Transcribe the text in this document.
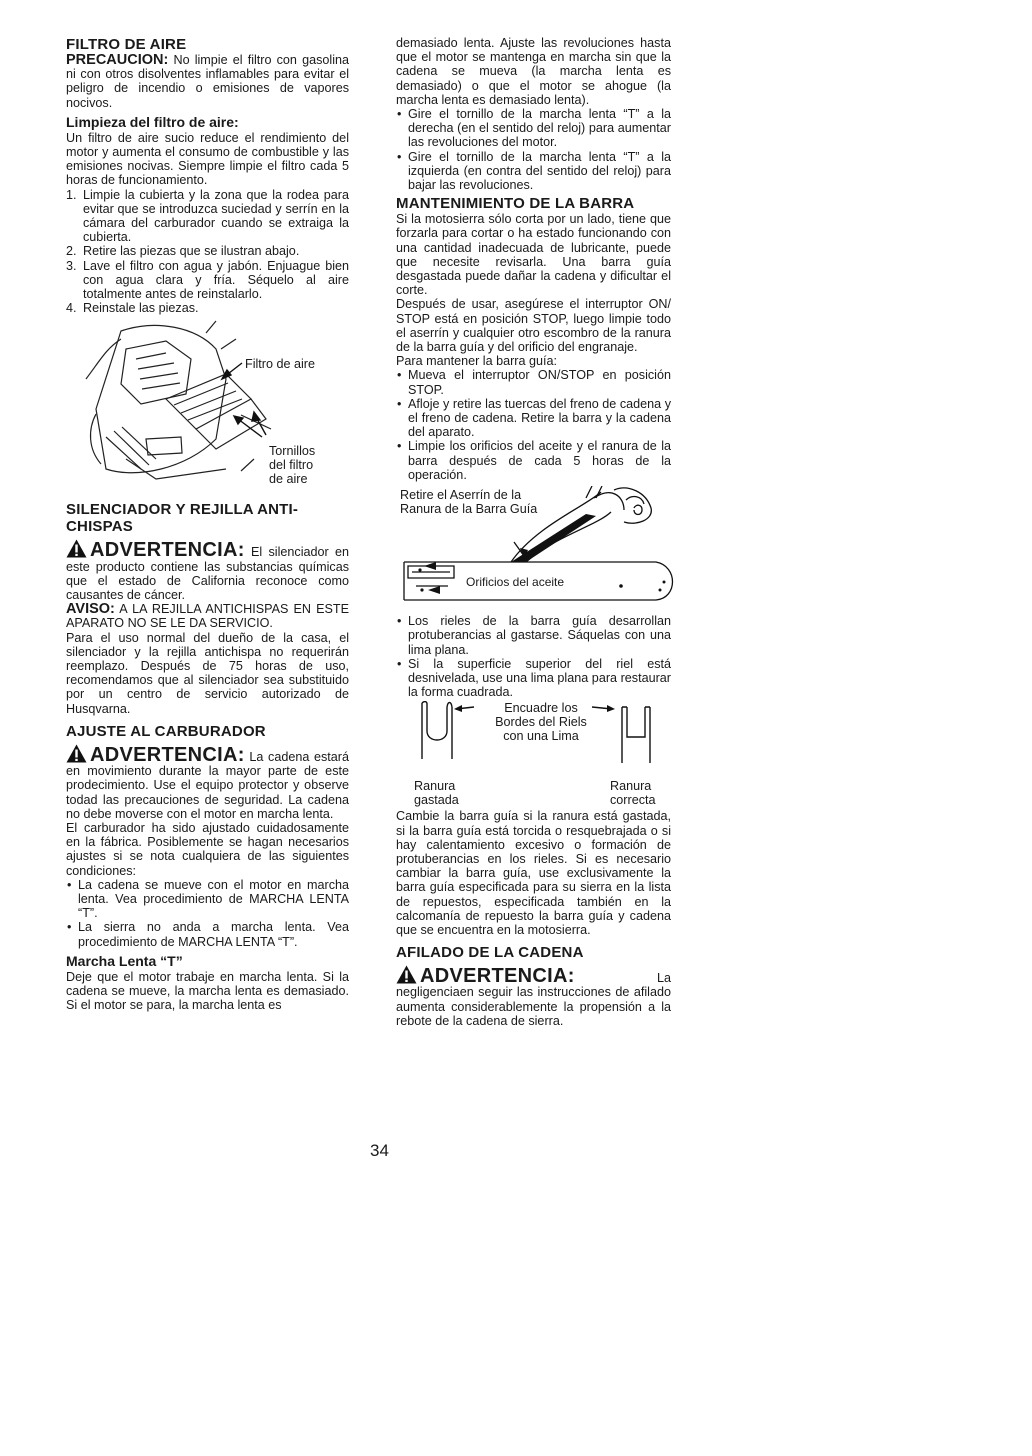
FILTRO DE AIRE

PRECAUCION: No limpie el filtro con gasolina ni con otros disolventes inflamables para evitar el peligro de incendio o emisiones de vapores nocivos.

Limpieza del filtro de aire:

Un filtro de aire sucio reduce el rendimiento del motor y aumenta el consumo de combustible y las emisiones nocivas. Siempre limpie el filtro cada 5 horas de funcionamiento.

1. Limpie la cubierta y la zona que la rodea para evitar que se introduzca suciedad y serrín en la cámara del carburador cuando se extraiga la cubierta.
2. Retire las piezas que se ilustran abajo.
3. Lave el filtro con agua y jabón. Enjuague bien con agua clara y fría. Séquelo al aire totalmente antes de reinstalarlo.
4. Reinstale las piezas.
Filtro de aire
Tornillos
del filtro
de aire
SILENCIADOR Y REJILLA ANTI-
CHISPAS

ADVERTENCIA: El silenciador en este producto contiene las substancias químicas que el estado de California reconoce como causantes de cáncer.

AVISO: A LA REJILLA ANTICHISPAS EN ESTE APARATO NO SE LE DA SERVICIO.

Para el uso normal del dueño de la casa, el silenciador y la rejilla antichispa no requerirán reemplazo. Después de 75 horas de uso, recomendamos que al silenciador sea substituido por un centro de servicio autorizado de Husqvarna.

AJUSTE AL CARBURADOR

ADVERTENCIA: La cadena estará en movimiento durante la mayor parte de este prodecimiento. Use el equipo protector y observe todad las precauciones de seguridad. La cadena no debe moverse con el motor en marcha lenta.

El carburador ha sido ajustado cuidadosamente en la fábrica. Posiblemente se hagan necesarios ajustes si se nota cualquiera de las siguientes condiciones:

• La cadena se mueve con el motor en marcha lenta. Vea procedimiento de MARCHA LENTA “T”.
• La sierra no anda a marcha lenta. Vea procedimiento de MARCHA LENTA “T”.
Marcha Lenta “T”

Deje que el motor trabaje en marcha lenta. Si la cadena se mueve, la marcha lenta es demasiado. Si el motor se para, la marcha lenta es

demasiado lenta. Ajuste las revoluciones hasta que el motor se mantenga en marcha sin que la cadena se mueva (la marcha lenta es demasiado) o que el motor se ahogue (la marcha lenta es demasiado lenta).

• Gire el tornillo de la marcha lenta “T” a la derecha (en el sentido del reloj) para aumentar las revoluciones del motor.
• Gire el tornillo de la marcha lenta “T” a la izquierda (en contra del sentido del reloj) para bajar las revoluciones.
MANTENIMIENTO DE LA BARRA

Si la motosierra sólo corta por un lado, tiene que forzarla para cortar o ha estado funcionando con una cantidad inadecuada de lubricante, puede que necesite revisarla. Una barra guía desgastada puede dañar la cadena y dificultar el corte.

Después de usar, asegúrese el interruptor ON/ STOP está en posición STOP, luego limpie todo el aserrín y cualquier otro escombro de la ranura de la barra guía y del orificio del engranaje.

Para mantener la barra guía:

• Mueva el interruptor ON/STOP en posición STOP.
• Afloje y retire las tuercas del freno de cadena y el freno de cadena. Retire la barra y la cadena del aparato.
• Limpie los orificios del aceite y el ranura de la barra después de cada 5 horas de la operación.
Retire el Aserrín de la
Ranura de la Barra Guía
Orificios del aceite
• Los rieles de la barra guía desarrollan protuberancias al gastarse. Sáquelas con una lima plana.
• Si la superficie superior del riel está desnivelada, use una lima plana para restaurar la forma cuadrada.
Encuadre los
Bordes del Riels
con una Lima
Ranura
gastada
Ranura
correcta

Cambie la barra guía si la ranura está gastada, si la barra guía está torcida o resquebrajada o si hay calentamiento excesivo o formación de protuberancias en los rieles. Si es necesario cambiar la barra guía, use exclusivamente la barra guía especificada para su sierra en la lista de repuestos, especificada también en la calcomanía de repuesto la barra guía y cadena que se encuentra en la motosierra.

AFILADO DE LA CADENA

ADVERTENCIA:	La negligenciaen seguir las instrucciones de afilado aumenta considerablemente la propensión a la rebote de la cadena de sierra.

34
